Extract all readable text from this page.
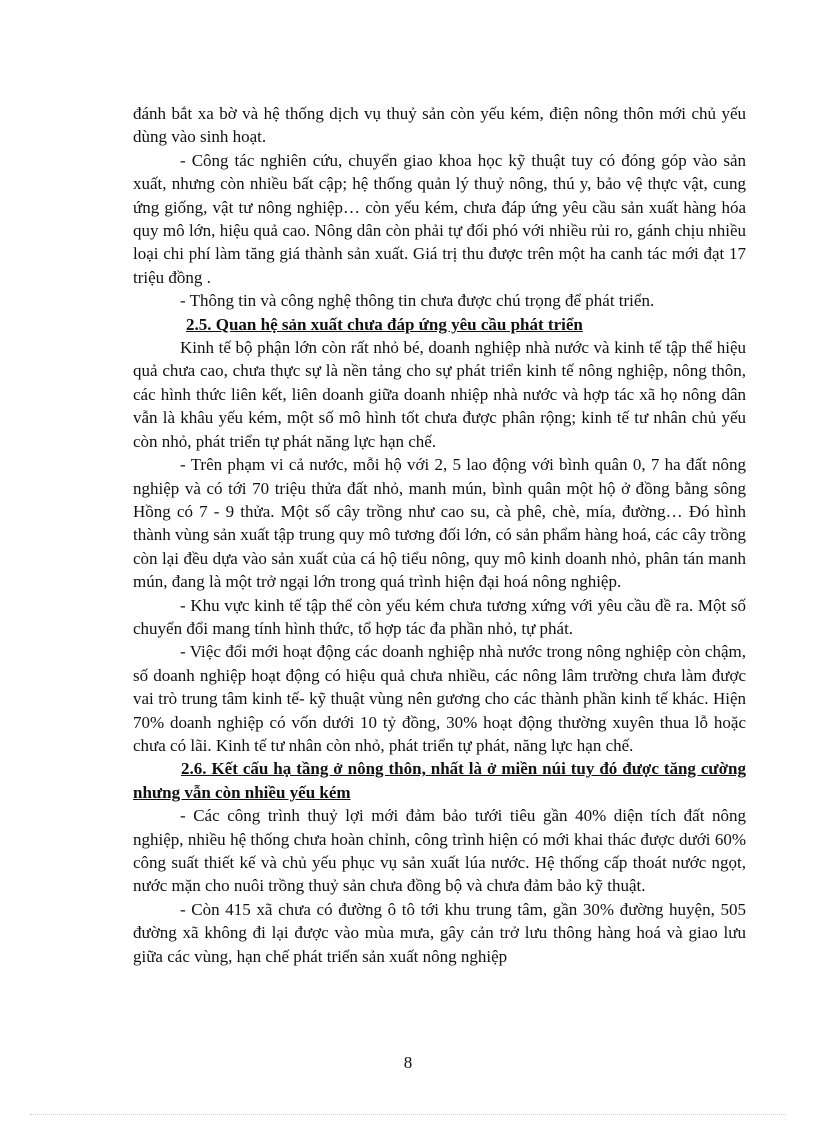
đánh bắt xa bờ và hệ thống dịch vụ thuỷ sản còn yếu kém, điện nông thôn mới chủ yếu dùng vào sinh hoạt.

- Công tác nghiên cứu, chuyển giao khoa học kỹ thuật tuy có đóng góp vào sản xuất, nhưng còn nhiều bất cập; hệ thống quản lý thuỷ nông, thú y, bảo vệ thực vật, cung ứng giống, vật tư nông nghiệp… còn yếu kém, chưa đáp ứng yêu cầu sản xuất hàng hóa quy mô lớn, hiệu quả cao. Nông dân còn phải tự đối phó với nhiều rủi ro, gánh chịu nhiều loại chi phí làm tăng giá thành sản xuất. Giá trị thu được trên một ha canh tác mới đạt 17 triệu đồng .

- Thông tin và công nghệ thông tin chưa được chú trọng để phát triển.

2.5. Quan hệ sản xuất chưa đáp ứng yêu cầu phát triển

Kinh tế bộ phận lớn còn rất nhỏ bé, doanh nghiệp nhà nước và kinh tế tập thể hiệu quả chưa cao, chưa thực sự là nền tảng cho sự phát triển kinh tế nông nghiệp, nông thôn, các hình thức liên kết, liên doanh giữa doanh nhiệp nhà nước và hợp tác xã họ nông dân vẫn là khâu yếu kém, một số mô hình tốt chưa được phân rộng; kinh tế tư nhân chủ yếu còn nhỏ, phát triển tự phát năng lực hạn chế.

- Trên phạm vi cả nước, mỗi hộ với 2, 5 lao động với bình quân 0, 7 ha đất nông nghiệp và có tới 70 triệu thửa đất nhỏ, manh mún, bình quân một hộ ở đồng bằng sông Hồng có 7 - 9 thửa. Một số cây trồng như cao su, cà phê, chè, mía, đường… Đó hình thành vùng sản xuất tập trung quy mô tương đối lớn, có sản phẩm hàng hoá, các cây trồng còn lại đều dựa vào sản xuất của cá hộ tiểu nông, quy mô kinh doanh nhỏ, phân tán manh mún, đang là một trở ngại lớn trong quá trình hiện đại hoá nông nghiệp.

- Khu vực kinh tế tập thể còn yếu kém chưa tương xứng với yêu cầu đề ra. Một số chuyển đổi mang tính hình thức, tổ hợp tác đa phần nhỏ, tự phát.

- Việc đổi mới hoạt động các doanh nghiệp nhà nước trong nông nghiệp còn chậm, số doanh nghiệp hoạt động có hiệu quả chưa nhiều, các nông lâm trường chưa làm được vai trò trung tâm kinh tế- kỹ thuật vùng nên gương cho các thành phần kinh tế khác. Hiện 70% doanh nghiệp có vốn dưới 10 tỷ đồng, 30% hoạt động thường xuyên thua lỗ hoặc chưa có lãi. Kinh tế tư nhân còn nhỏ, phát triển tự phát, năng lực hạn chế.

2.6. Kết cấu hạ tầng ở nông thôn, nhất là ở miền núi tuy đó được tăng cường nhưng vẫn còn nhiều yếu kém

- Các công trình thuỷ lợi mới đảm bảo tưới tiêu gần 40% diện tích đất nông nghiệp, nhiều hệ thống chưa hoàn chỉnh, công trình hiện có mới khai thác được dưới 60% công suất thiết kế và chủ yếu phục vụ sản xuất lúa nước. Hệ thống cấp thoát nước ngọt, nước mặn cho nuôi trồng thuỷ sản chưa đồng bộ và chưa đảm bảo kỹ thuật.

- Còn 415 xã chưa có đường ô tô tới khu trung tâm, gần 30% đường huyện, 505 đường xã không đi lại được vào mùa mưa, gây cản trở lưu thông hàng hoá và giao lưu giữa các vùng, hạn chế phát triển sản xuất nông nghiệp

8
